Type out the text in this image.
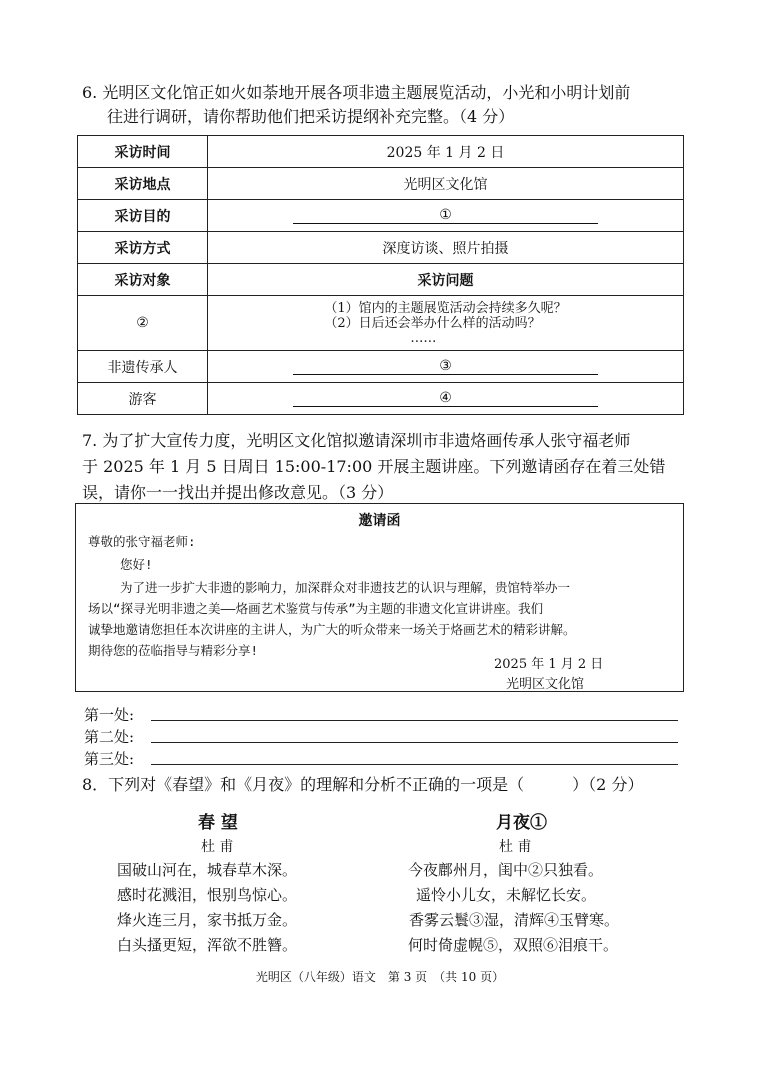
6. 光明区文化馆正如火如荼地开展各项非遗主题展览活动，小光和小明计划前
往进行调研，请你帮助他们把采访提纲补充完整。（4 分）
采访时间	2025 年 1 月 2 日
采访地点	光明区文化馆
采访目的	①
采访方式	深度访谈、照片拍摄
采访对象	采访问题
②	（1）馆内的主题展览活动会持续多久呢？
（2）日后还会举办什么样的活动吗？
……

非遗传承人	③
游客	④
7. 为了扩大宣传力度，光明区文化馆拟邀请深圳市非遗烙画传承人张守福老师
于 2025 年 1 月 5 日周日 15:00-17:00 开展主题讲座。下列邀请函存在着三处错
误，请你一一找出并提出修改意见。（3 分）
邀请函
尊敬的张守福老师:
您好!
为了进一步扩大非遗的影响力，加深群众对非遗技艺的认识与理解，贵馆特举办一
场以“探寻光明非遗之美——烙画艺术鉴赏与传承”为主题的非遗文化宣讲讲座。我们
诚挚地邀请您担任本次讲座的主讲人，为广大的听众带来一场关于烙画艺术的精彩讲解。
期待您的莅临指导与精彩分享!
2025 年 1 月 2 日
光明区文化馆
第一处:
第二处:
第三处:
8．下列对《春望》和《月夜》的理解和分析不正确的一项是（　　　）（2 分）
春 望
杜 甫
国破山河在，城春草木深。
感时花溅泪，恨别鸟惊心。
烽火连三月，家书抵万金。
白头搔更短，浑欲不胜簪。
月夜①
杜 甫
今夜鄜州月，闺中②只独看。
遥怜小儿女，未解忆长安。
香雾云鬟③湿，清辉④玉臂寒。
何时倚虚幌⑤，双照⑥泪痕干。
光明区（八年级）语文　第 3 页　（共 10 页）
